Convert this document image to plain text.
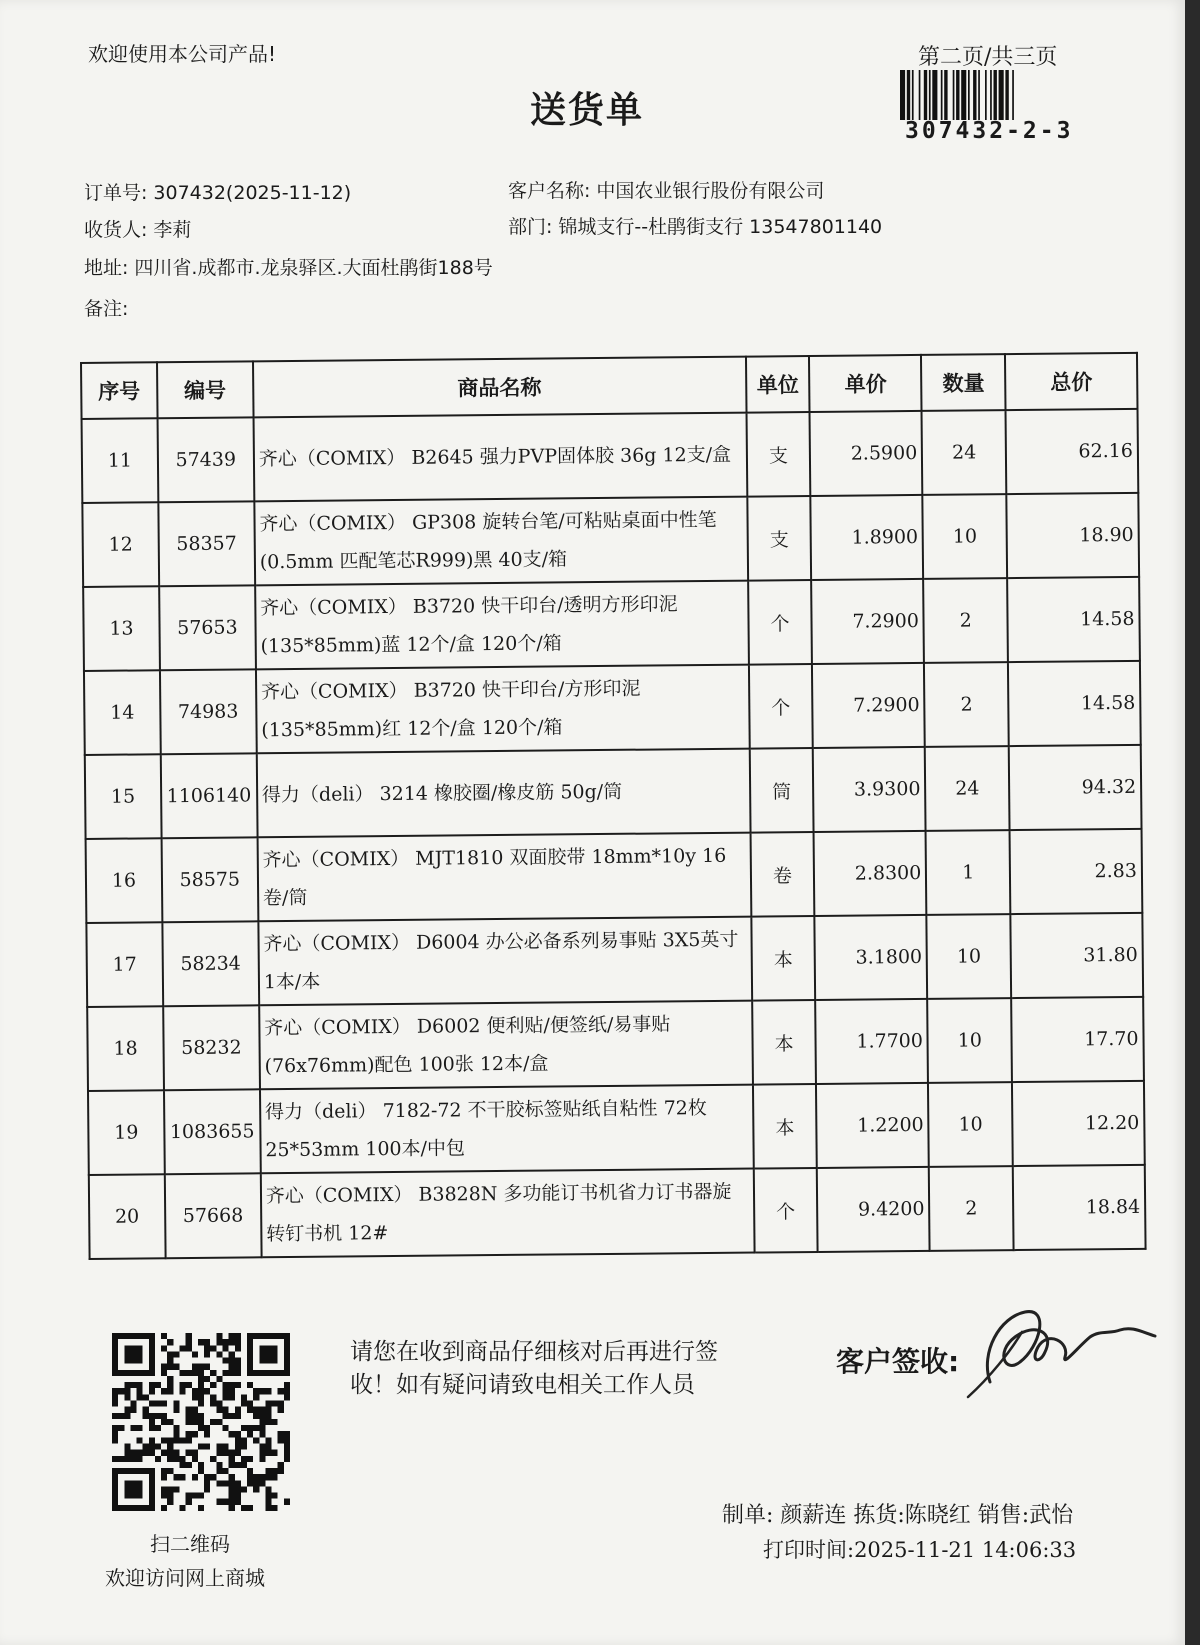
欢迎使用本公司产品!
送货单
第二页/共三页
307432-2-3
订单号: 307432(2025-11-12)	客户名称: 中国农业银行股份有限公司
收货人: 李莉	部门: 锦城支行--杜鹃街支行 13547801140
地址: 四川省.成都市.龙泉驿区.大面杜鹃街188号
备注:
序号	编号	商品名称	单位	单价	数量	总价
11	57439	齐心（COMIX） B2645 强力PVP固体胶 36g 12支/盒	支	2.5900	24	62.16
12	58357	齐心（COMIX） GP308 旋转台笔/可粘贴桌面中性笔(0.5mm 匹配笔芯R999)黑 40支/箱	支	1.8900	10	18.90
13	57653	齐心（COMIX） B3720 快干印台/透明方形印泥(135*85mm)蓝 12个/盒 120个/箱	个	7.2900	2	14.58
14	74983	齐心（COMIX） B3720 快干印台/方形印泥(135*85mm)红 12个/盒 120个/箱	个	7.2900	2	14.58
15	1106140	得力（deli） 3214 橡胶圈/橡皮筋 50g/筒	筒	3.9300	24	94.32
16	58575	齐心（COMIX） MJT1810 双面胶带 18mm*10y 16卷/筒	卷	2.8300	1	2.83
17	58234	齐心（COMIX） D6004 办公必备系列易事贴 3X5英寸 1本/本	本	3.1800	10	31.80
18	58232	齐心（COMIX） D6002 便利贴/便签纸/易事贴(76x76mm)配色 100张 12本/盒	本	1.7700	10	17.70
19	1083655	得力（deli） 7182-72 不干胶标签贴纸自粘性 72枚 25*53mm 100本/中包	本	1.2200	10	12.20
20	57668	齐心（COMIX） B3828N 多功能订书机省力订书器旋转钉书机 12#	个	9.4200	2	18.84
扫二维码
欢迎访问网上商城
请您在收到商品仔细核对后再进行签收！如有疑问请致电相关工作人员
客户签收:
制单: 颜薪连 拣货:陈晓红 销售:武怡
打印时间:2025-11-21 14:06:33
